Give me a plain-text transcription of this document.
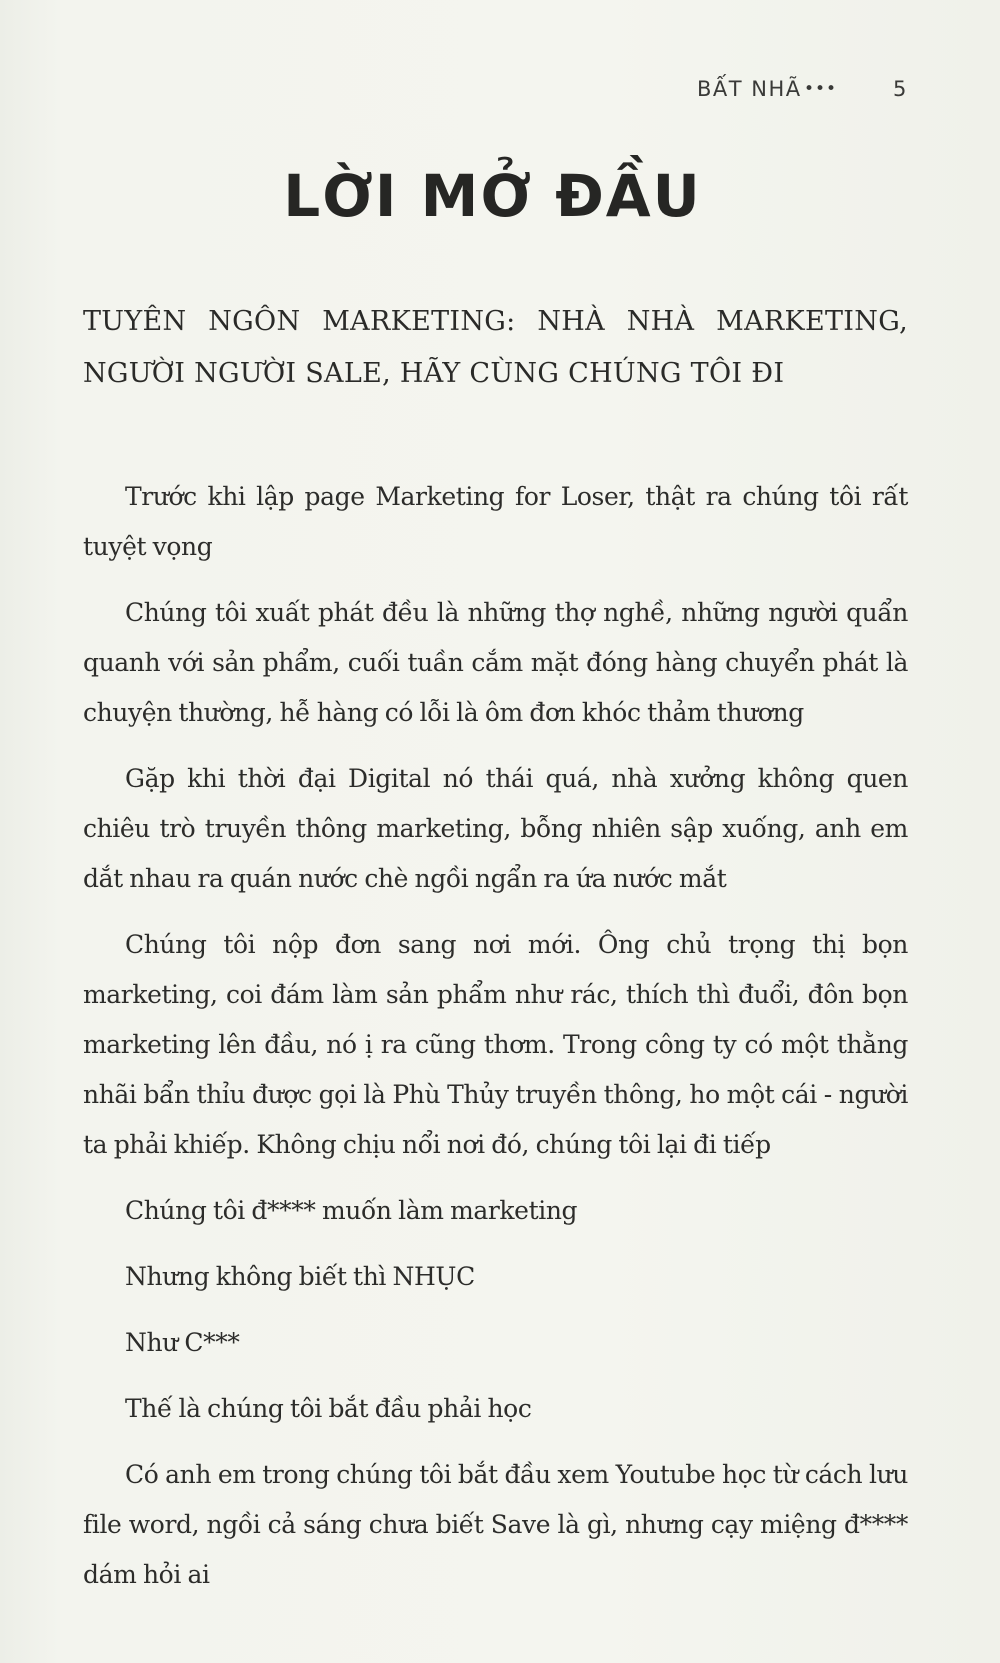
BẤT NHÃ •••	5
LỜI MỞ ĐẦU
TUYÊN NGÔN MARKETING: NHÀ NHÀ MARKETING, NGƯỜI NGƯỜI SALE, HÃY CÙNG CHÚNG TÔI ĐI

Trước khi lập page Marketing for Loser, thật ra chúng tôi rất tuyệt vọng

Chúng tôi xuất phát đều là những thợ nghề, những người quẩn quanh với sản phẩm, cuối tuần cắm mặt đóng hàng chuyển phát là chuyện thường, hễ hàng có lỗi là ôm đơn khóc thảm thương

Gặp khi thời đại Digital nó thái quá, nhà xưởng không quen chiêu trò truyền thông marketing, bỗng nhiên sập xuống, anh em dắt nhau ra quán nước chè ngồi ngẩn ra ứa nước mắt

Chúng tôi nộp đơn sang nơi mới. Ông chủ trọng thị bọn marketing, coi đám làm sản phẩm như rác, thích thì đuổi, đôn bọn marketing lên đầu, nó ị ra cũng thơm. Trong công ty có một thằng nhãi bẩn thỉu được gọi là Phù Thủy truyền thông, ho một cái - người ta phải khiếp. Không chịu nổi nơi đó, chúng tôi lại đi tiếp

Chúng tôi đ**** muốn làm marketing

Nhưng không biết thì NHỤC

Như C***

Thế là chúng tôi bắt đầu phải học

Có anh em trong chúng tôi bắt đầu xem Youtube học từ cách lưu file word, ngồi cả sáng chưa biết Save là gì, nhưng cạy miệng đ**** dám hỏi ai
